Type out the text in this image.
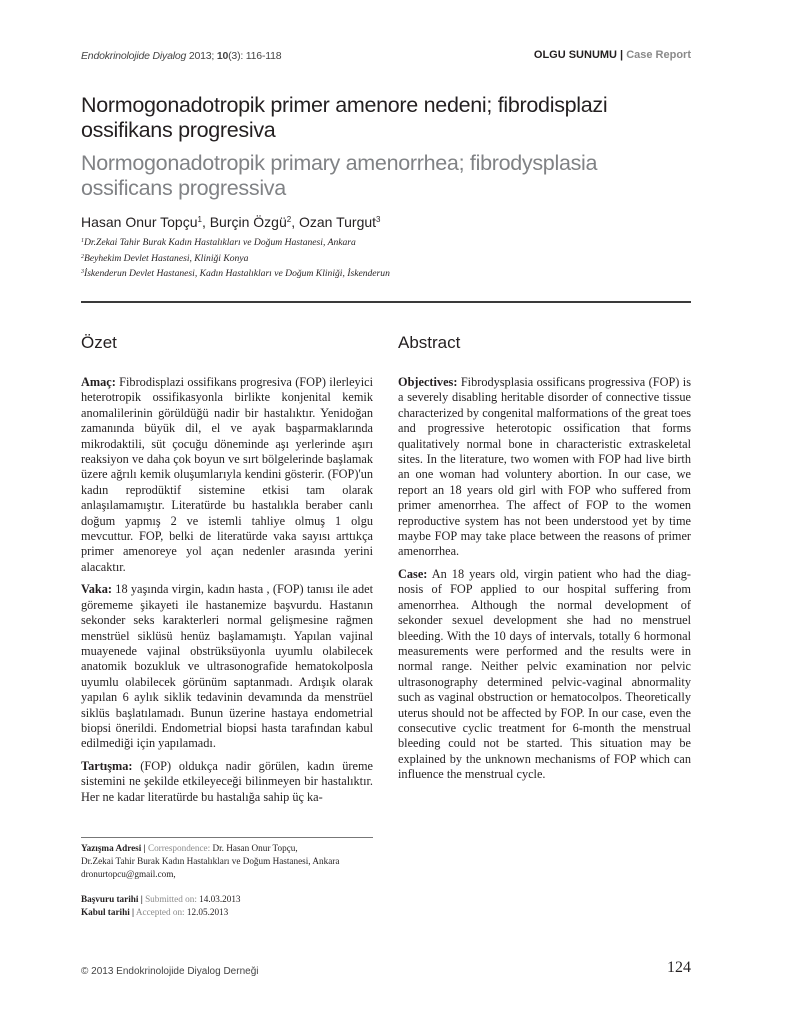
Endokrinolojide Diyalog 2013; 10(3): 116-118	OLGU SUNUMU | Case Report
Normogonadotropik primer amenore nedeni; fibrodisplazi ossifikans progresiva
Normogonadotropik primary amenorrhea; fibrodysplasia ossificans progressiva
Hasan Onur Topçu$^1$, Burçin Özgü$^2$, Ozan Turgut$^3$
$^1$Dr.Zekai Tahir Burak Kadın Hastalıkları ve Doğum Hastanesi, Ankara
$^2$Beyhekim Devlet Hastanesi, Kliniği Konya
$^3$İskenderun Devlet Hastanesi, Kadın Hastalıkları ve Doğum Kliniği, İskenderun
Özet	Abstract

Amaç: Fibrodisplazi ossifikans progresiva (FOP) ilerleyici heterotropik ossifikasyonla birlikte konjenital kemik anomalilerinin görüldüğü nadir bir hastalıktır. Yenidoğan zamanında büyük dil, el ve ayak başparmaklarında mikrodaktili, süt çocuğu döneminde aşı yerlerinde aşırı reaksiyon ve daha çok boyun ve sırt bölgelerinde başlamak üzere ağrılı kemik oluşumlarıyla kendini gösterir. (FOP)'un kadın reprodüktif sistemine etkisi tam olarak anlaşılamamıştır. Literatürde bu hastalıkla beraber canlı doğum yapmış 2 ve istemli tahliye olmuş 1 olgu mevcuttur. FOP, belki de literatürde vaka sayısı arttıkça primer amenoreye yol açan nedenler arasında yerini alacaktır.

Vaka: 18 yaşında virgin, kadın hasta , (FOP) tanısı ile adet görememe şikayeti ile hastanemize başvurdu. Hastanın sekonder seks karakterleri normal gelişmesine rağmen menstrüel siklüsü henüz başlamamıştı. Yapılan vajinal muayenede vajinal obstrüksüyonla uyumlu olabilecek anatomik bozukluk ve ultrasonografide hematokolposla uyumlu olabilecek görünüm saptanmadı. Ardışık olarak yapılan 6 aylık siklik tedavinin devamında da menstrüel siklüs başlatılamadı. Bunun üzerine hastaya endometrial biopsi önerildi. Endometrial biopsi hasta tarafından kabul edilmediği için yapılamadı.

Tartışma: (FOP) oldukça nadir görülen, kadın üreme sistemini ne şekilde etkileyeceği bilinmeyen bir hastalıktır. Her ne kadar literatürde bu hastalığa sahip üç ka-

Objectives: Fibrodysplasia ossificans progressiva (FOP) is a severely disabling heritable disorder of connective tissue characterized by congenital malformations of the great toes and progressive heterotopic ossification that forms qualitatively normal bone in characteristic extraskeletal sites. In the literature, two women with FOP had live birth an one woman had voluntery abortion. In our case, we report an 18 years old girl with FOP who suffered from primer amenorrhea. The affect of FOP to the women reproductive system has not been understood yet by time maybe FOP may take place between the reasons of primer amenorrhea.

Case: An 18 years old, virgin patient who had the diagnosis of FOP applied to our hospital suffering from amenorrhea. Although the normal development of sekonder sexuel development she had no menstruel bleeding. With the 10 days of intervals, totally 6 hormonal measurements were performed and the results were in normal range. Neither pelvic examination nor pelvic ultrasonography determined pelvic-vaginal abnormality such as vaginal obstruction or hematocolpos. Theoretically uterus should not be affected by FOP. In our case, even the consecutive cyclic treatment for 6-month the menstrual bleeding could not be started. This situation may be explained by the unknown mechanisms of FOP which can influence the menstrual cycle.

Yazışma Adresi | Correspondence: Dr. Hasan Onur Topçu,
Dr.Zekai Tahir Burak Kadın Hastalıkları ve Doğum Hastanesi, Ankara
dronurtopcu@gmail.com,
Başvuru tarihi | Submitted on: 14.03.2013
Kabul tarihi | Accepted on: 12.05.2013
© 2013 Endokrinolojide Diyalog Derneği	124
